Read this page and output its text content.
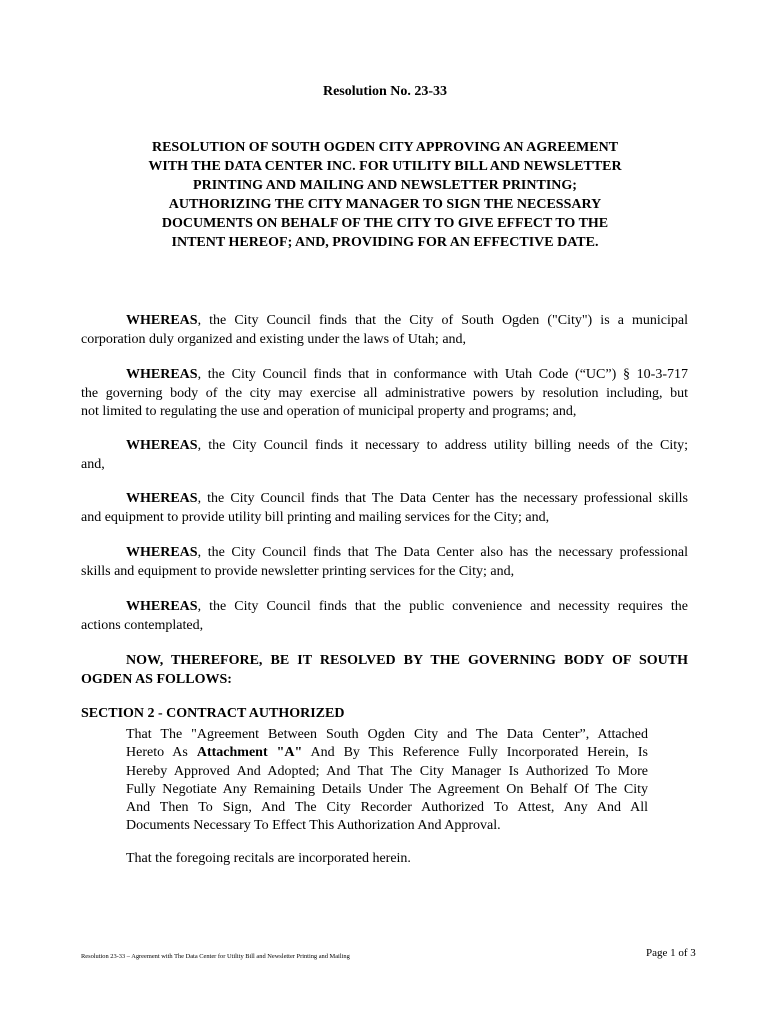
Resolution No. 23-33
RESOLUTION OF SOUTH OGDEN CITY APPROVING AN AGREEMENT
WITH THE DATA CENTER INC. FOR UTILITY BILL AND NEWSLETTER
PRINTING AND MAILING AND NEWSLETTER PRINTING;
AUTHORIZING THE CITY MANAGER TO SIGN THE NECESSARY
DOCUMENTS ON BEHALF OF THE CITY TO GIVE EFFECT TO THE
INTENT HEREOF; AND, PROVIDING FOR AN EFFECTIVE DATE.
WHEREAS, the City Council finds that the City of South Ogden ("City") is a municipal
corporation duly organized and existing under the laws of Utah; and,
WHEREAS, the City Council finds that in conformance with Utah Code (“UC”) § 10-3-717
the governing body of the city may exercise all administrative powers by resolution including, but
not limited to regulating the use and operation of municipal property and programs; and,
WHEREAS, the City Council finds it necessary to address utility billing needs of the City;
and,
WHEREAS, the City Council finds that The Data Center has the necessary professional skills
and equipment to provide utility bill printing and mailing services for the City; and,
WHEREAS, the City Council finds that The Data Center also has the necessary professional
skills and equipment to provide newsletter printing services for the City; and,
WHEREAS, the City Council finds that the public convenience and necessity requires the
actions contemplated,
NOW, THEREFORE, BE IT RESOLVED BY THE GOVERNING BODY OF SOUTH
OGDEN AS FOLLOWS:
SECTION 2 - CONTRACT AUTHORIZED
That The "Agreement Between South Ogden City and The Data Center”, Attached
Hereto As Attachment "A" And By This Reference Fully Incorporated Herein, Is
Hereby Approved And Adopted; And That The City Manager Is Authorized To More
Fully Negotiate Any Remaining Details Under The Agreement On Behalf Of The City
And Then To Sign, And The City Recorder Authorized To Attest, Any And All
Documents Necessary To Effect This Authorization And Approval.
That the foregoing recitals are incorporated herein.
Resolution 23-33 – Agreement with The Data Center for Utility Bill and Newsletter Printing and Mailing	Page 1 of 3
